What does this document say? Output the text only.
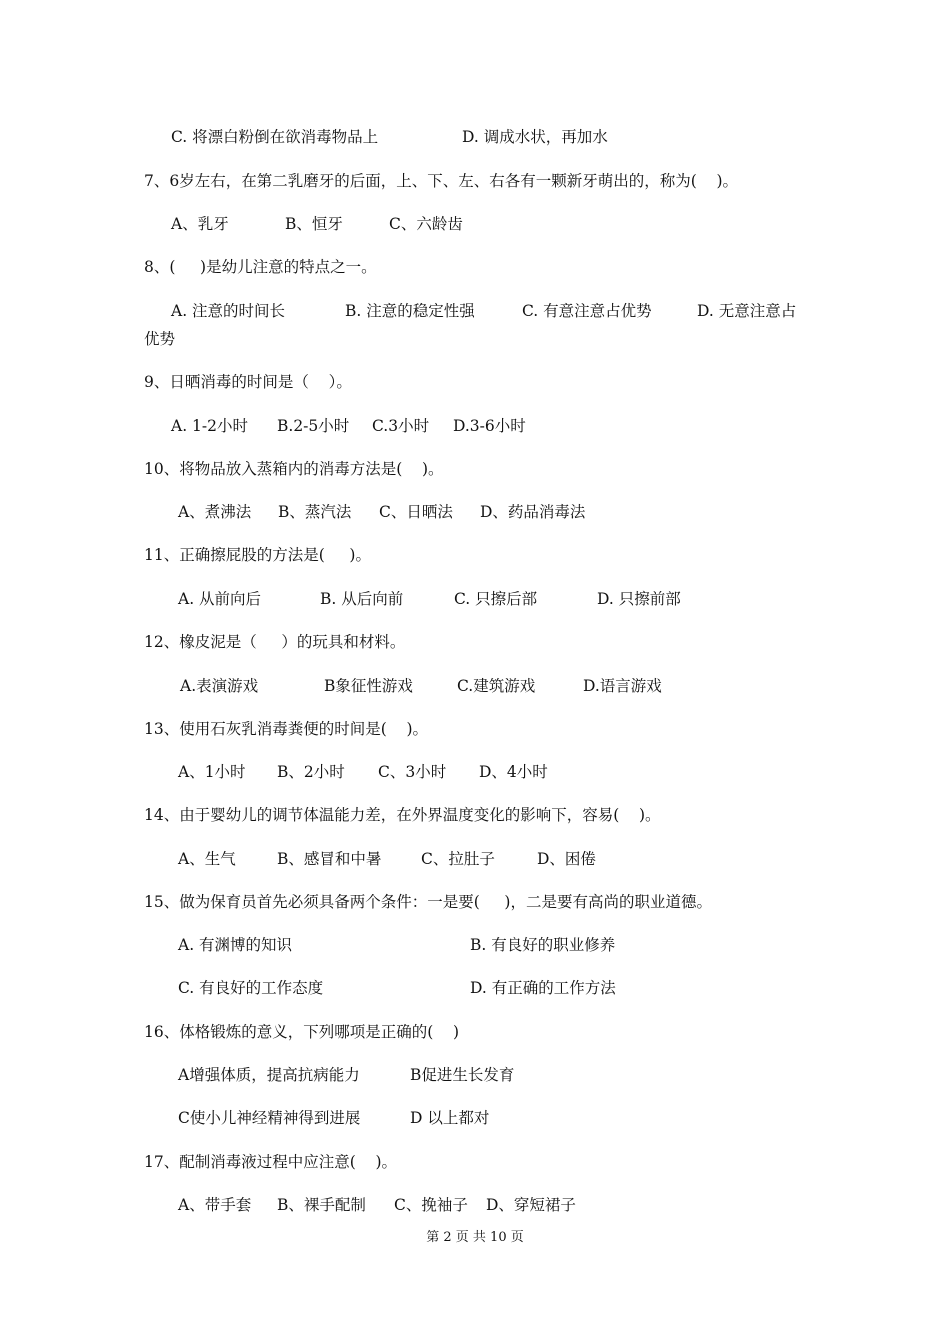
C. 将漂白粉倒在欲消毒物品上	D. 调成水状，再加水
7、6岁左右，在第二乳磨牙的后面，上、下、左、右各有一颗新牙萌出的，称为(    )。
A、乳牙	B、恒牙	C、六龄齿
8、(     )是幼儿注意的特点之一。
A. 注意的时间长	B. 注意的稳定性强	C. 有意注意占优势	D. 无意注意占
优势
9、日晒消毒的时间是（    ）。
A. 1-2小时 B.2-5小时 C.3小时 D.3-6小时
10、将物品放入蒸箱内的消毒方法是(    )。
A、煮沸法 B、蒸汽法 C、日晒法 D、药品消毒法
11、正确擦屁股的方法是(     )。
A. 从前向后	B. 从后向前	C. 只擦后部	D. 只擦前部
12、橡皮泥是（     ）的玩具和材料。
A.表演游戏	B象征性游戏	C.建筑游戏	D.语言游戏
13、使用石灰乳消毒粪便的时间是(    )。
A、1小时 B、2小时 C、3小时 D、4小时
14、由于婴幼儿的调节体温能力差，在外界温度变化的影响下，容易(    )。
A、生气	B、感冒和中暑	C、拉肚子	D、困倦
15、做为保育员首先必须具备两个条件：一是要(     )，二是要有高尚的职业道德。
A. 有渊博的知识	B. 有良好的职业修养
C. 有良好的工作态度	D. 有正确的工作方法
16、体格锻炼的意义，下列哪项是正确的(    )
A增强体质，提高抗病能力	B促进生长发育
C使小儿神经精神得到进展	D 以上都对
17、配制消毒液过程中应注意(    )。
A、带手套 B、裸手配制 C、挽袖子 D、穿短裙子
第 2 页 共 10 页
